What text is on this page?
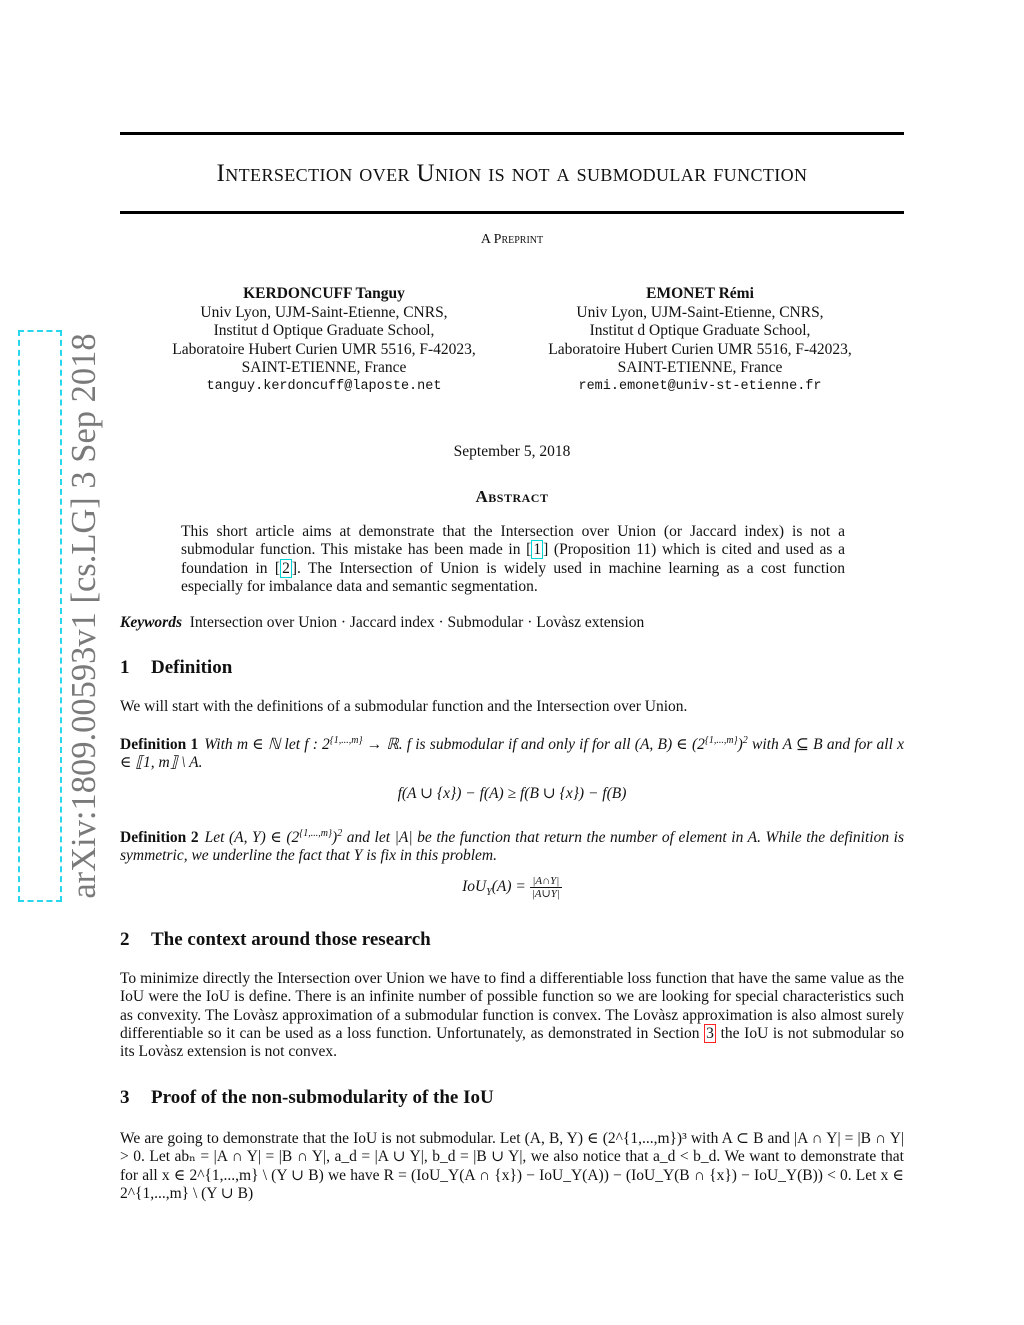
arXiv:1809.00593v1 [cs.LG] 3 Sep 2018
Intersection over Union is not a submodular function
A Preprint
KERDONCUFF Tanguy
Univ Lyon, UJM-Saint-Etienne, CNRS,
Institut d Optique Graduate School,
Laboratoire Hubert Curien UMR 5516, F-42023,
SAINT-ETIENNE, France
tanguy.kerdoncuff@laposte.net
EMONET Rémi
Univ Lyon, UJM-Saint-Etienne, CNRS,
Institut d Optique Graduate School,
Laboratoire Hubert Curien UMR 5516, F-42023,
SAINT-ETIENNE, France
remi.emonet@univ-st-etienne.fr
September 5, 2018
Abstract
This short article aims at demonstrate that the Intersection over Union (or Jaccard index) is not a submodular function. This mistake has been made in [ 1 ] (Proposition 11) which is cited and used as a foundation in [ 2 ]. The Intersection of Union is widely used in machine learning as a cost function especially for imbalance data and semantic segmentation.
Keywords Intersection over Union · Jaccard index · Submodular · Lovàsz extension
1 Definition
We will start with the definitions of a submodular function and the Intersection over Union.
Definition 1 With m ∈ ℕ let f : $2^{\{1,...,m\}}$ → ℝ. f is submodular if and only if for all (A, B) ∈ $(2^{\{1,...,m\}})^2$ with A ⊆ B and for all x ∈ ⟦1, m⟧ \ A.
f(A ∪ {x}) − f(A) ≥ f(B ∪ {x}) − f(B)
Definition 2 Let (A, Y) ∈ $(2^{\{1,...,m\}})^2$ and let |A| be the function that return the number of element in A. While the definition is symmetric, we underline the fact that Y is fix in this problem.
$IoU_Y(A) = \frac{|A\cap Y|}{|A\cup Y|}$
2 The context around those research
To minimize directly the Intersection over Union we have to find a differentiable loss function that have the same value as the IoU were the IoU is define. There is an infinite number of possible function so we are looking for special characteristics such as convexity. The Lovàsz approximation of a submodular function is convex. The Lovàsz approximation is also almost surely differentiable so it can be used as a loss function. Unfortunately, as demonstrated in Section 3 the IoU is not submodular so its Lovàsz extension is not convex.
3 Proof of the non-submodularity of the IoU
We are going to demonstrate that the IoU is not submodular. Let (A, B, Y) ∈ (2^{1,...,m})³ with A ⊂ B and |A ∩ Y| = |B ∩ Y| > 0. Let abₙ = |A ∩ Y| = |B ∩ Y|, a_d = |A ∪ Y|, b_d = |B ∪ Y|, we also notice that a_d < b_d. We want to demonstrate that for all x ∈ 2^{1,...,m} \ (Y ∪ B) we have R = (IoU_Y(A ∩ {x}) − IoU_Y(A)) − (IoU_Y(B ∩ {x}) − IoU_Y(B)) < 0. Let x ∈ 2^{1,...,m} \ (Y ∪ B)
